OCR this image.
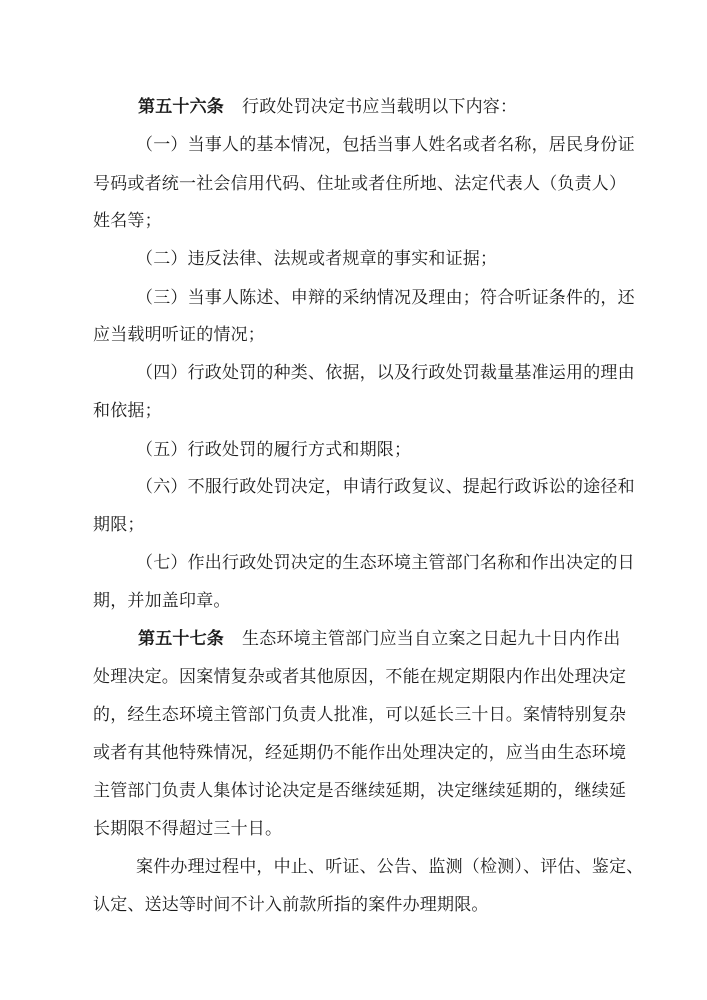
第五十六条 行政处罚决定书应当载明以下内容：
（一）当事人的基本情况，包括当事人姓名或者名称，居民身份证
号码或者统一社会信用代码、住址或者住所地、法定代表人（负责人）
姓名等；
（二）违反法律、法规或者规章的事实和证据；
（三）当事人陈述、申辩的采纳情况及理由；符合听证条件的，还
应当载明听证的情况；
（四）行政处罚的种类、依据，以及行政处罚裁量基准运用的理由
和依据；
（五）行政处罚的履行方式和期限；
（六）不服行政处罚决定，申请行政复议、提起行政诉讼的途径和
期限；
（七）作出行政处罚决定的生态环境主管部门名称和作出决定的日
期，并加盖印章。
第五十七条 生态环境主管部门应当自立案之日起九十日内作出
处理决定。因案情复杂或者其他原因，不能在规定期限内作出处理决定
的，经生态环境主管部门负责人批准，可以延长三十日。案情特别复杂
或者有其他特殊情况，经延期仍不能作出处理决定的，应当由生态环境
主管部门负责人集体讨论决定是否继续延期，决定继续延期的，继续延
长期限不得超过三十日。
案件办理过程中，中止、听证、公告、监测（检测）、评估、鉴定、
认定、送达等时间不计入前款所指的案件办理期限。
